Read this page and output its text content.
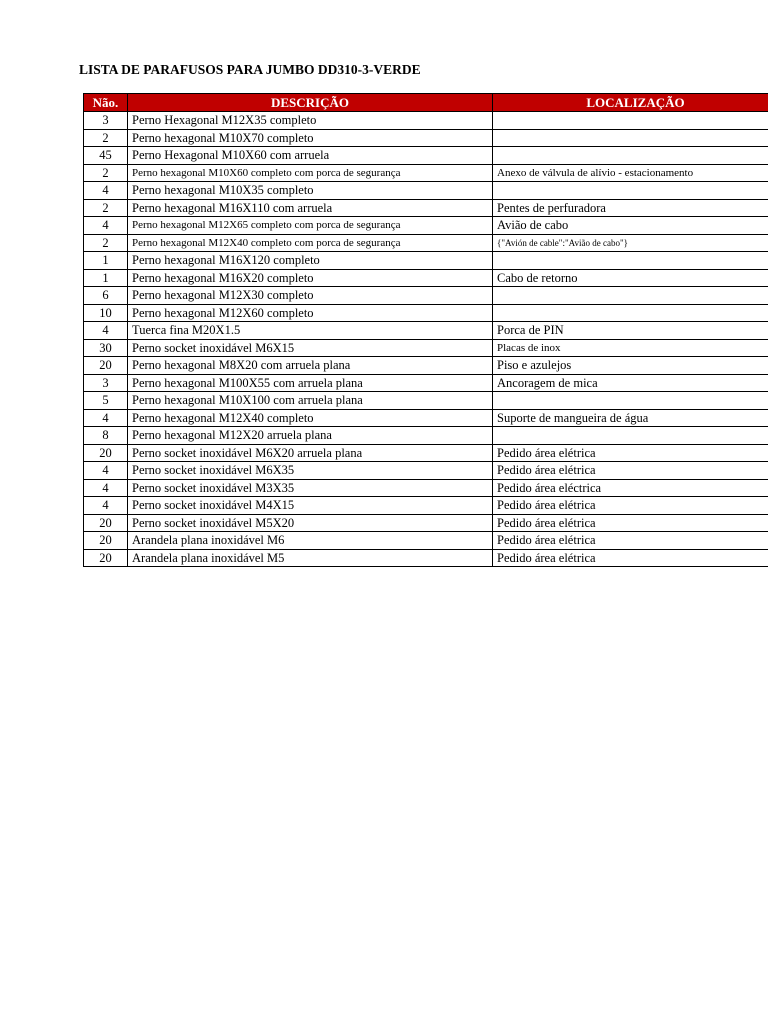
LISTA DE PARAFUSOS PARA JUMBO DD310-3-VERDE
Não.	DESCRIÇÃO	LOCALIZAÇÃO
3	Perno Hexagonal M12X35 completo	
2	Perno hexagonal M10X70 completo	
45	Perno Hexagonal M10X60 com arruela	
2	Perno hexagonal M10X60 completo com porca de segurança	Anexo de válvula de alívio - estacionamento
4	Perno hexagonal M10X35 completo	
2	Perno hexagonal M16X110 com arruela	Pentes de perfuradora
4	Perno hexagonal M12X65 completo com porca de segurança	Avião de cabo
2	Perno hexagonal M12X40 completo com porca de segurança	{"Avión de cable":"Avião de cabo"}
1	Perno hexagonal M16X120 completo	
1	Perno hexagonal M16X20 completo	Cabo de retorno
6	Perno hexagonal M12X30 completo	
10	Perno hexagonal M12X60 completo	
4	Tuerca fina M20X1.5	Porca de PIN
30	Perno socket inoxidável M6X15	Placas de inox
20	Perno hexagonal M8X20 com arruela plana	Piso e azulejos
3	Perno hexagonal M100X55 com arruela plana	Ancoragem de mica
5	Perno hexagonal M10X100 com arruela plana	
4	Perno hexagonal M12X40 completo	Suporte de mangueira de água
8	Perno hexagonal M12X20 arruela plana	
20	Perno socket inoxidável M6X20 arruela plana	Pedido área elétrica
4	Perno socket inoxidável M6X35	Pedido área elétrica
4	Perno socket inoxidável M3X35	Pedido área eléctrica
4	Perno socket inoxidável M4X15	Pedido área elétrica
20	Perno socket inoxidável M5X20	Pedido área elétrica
20	Arandela plana inoxidável M6	Pedido área elétrica
20	Arandela plana inoxidável M5	Pedido área elétrica
